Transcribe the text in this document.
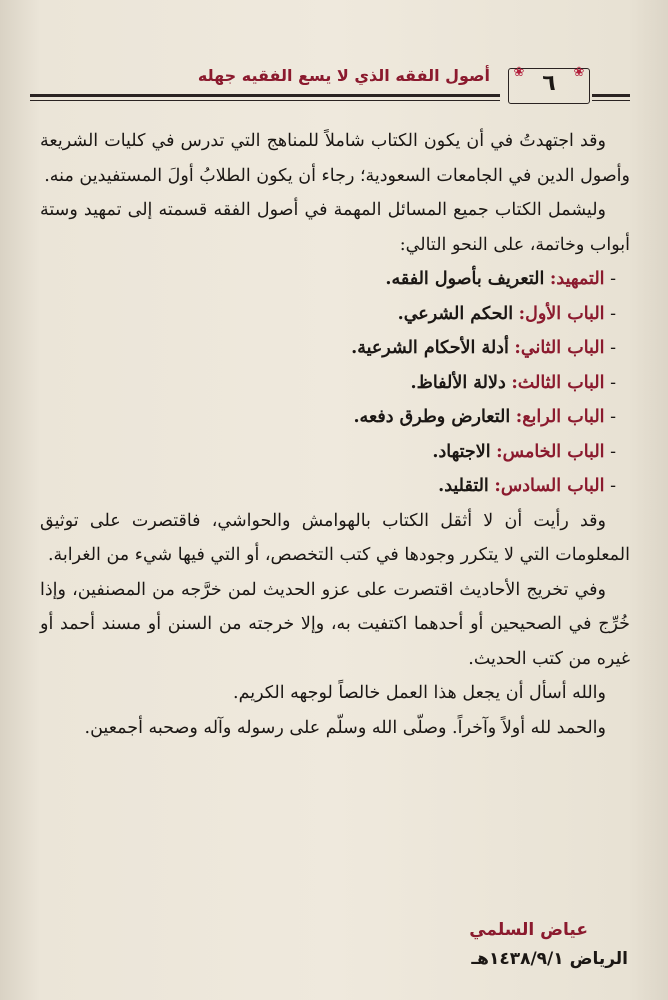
أصول الفقه الذي لا يسع الفقيه جهله ❀ ٦	❀

وقد اجتهدتُ في أن يكون الكتاب شاملاً للمناهج التي تدرس في كليات الشريعة وأصول الدين في الجامعات السعودية؛ رجاء أن يكون الطلابُ أولَ المستفيدين منه.

وليشمل الكتاب جميع المسائل المهمة في أصول الفقه قسمته إلى تمهيد وستة أبواب وخاتمة، على النحو التالي:

- التمهيد: التعريف بأصول الفقه.
- الباب الأول: الحكم الشرعي.
- الباب الثاني: أدلة الأحكام الشرعية.
- الباب الثالث: دلالة الألفاظ.
- الباب الرابع: التعارض وطرق دفعه.
- الباب الخامس: الاجتهاد.
- الباب السادس: التقليد.

وقد رأيت أن لا أثقل الكتاب بالهوامش والحواشي، فاقتصرت على توثيق المعلومات التي لا يتكرر وجودها في كتب التخصص، أو التي فيها شيء من الغرابة.

وفي تخريج الأحاديث اقتصرت على عزو الحديث لمن خرَّجه من المصنفين، وإذا خُرِّج في الصحيحين أو أحدهما اكتفيت به، وإلا خرجته من السنن أو مسند أحمد أو غيره من كتب الحديث.

والله أسأل أن يجعل هذا العمل خالصاً لوجهه الكريم.

والحمد لله أولاً وآخراً. وصلّى الله وسلّم على رسوله وآله وصحبه أجمعين.

عياض السلمي
الرياض ١٤٣٨/٩/١هـ
